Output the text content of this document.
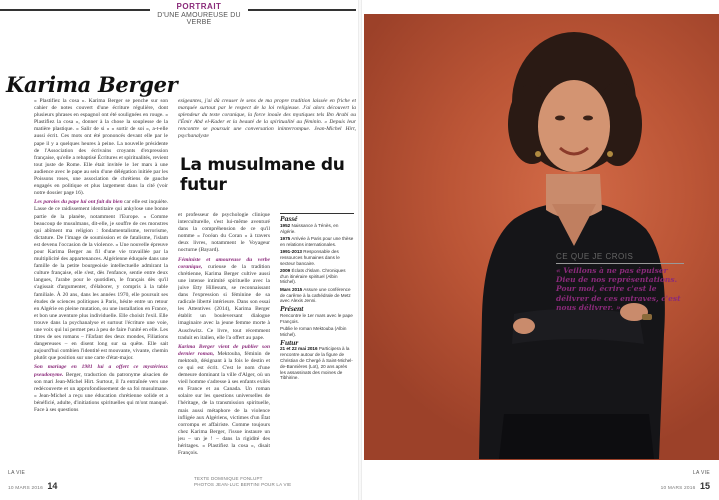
PORTRAIT
D'UNE AMOUREUSE DU VERBE
Karima Berger

« Plastifiez la cosa ». Karima Berger se penche sur son cahier de notes couvert d'une écriture régulière, dont plusieurs phrases en espagnol ont été soulignées en rouge. « Plastifiez la cosa », donner à la chose la souplesse de la matière plastique. « Salir de si » « sortir de soi », a-t-elle aussi écrit. Ces mots ont été prononcés devant elle par le pape il y a quelques heures à peine. La nouvelle présidente de l'Association des écrivains croyants d'expression française, qu'elle a rebaptisé Écritures et spiritualités, revient tout juste de Rome. Elle était invitée le 1er mars à une audience avec le pape au sein d'une délégation initiée par les Poissons roses, une association de chrétiens de gauche engagés en politique et plus largement dans la cité (voir notre dossier page 16).

Les paroles du pape lui ont fait du bien car elle est inquiète. Lasse de ce raidissement identitaire qui ankylose une bonne partie de la planète, notamment l'Europe. « Comme beaucoup de musulmans, dit-elle, je souffre de ces monstres qui abîment ma religion : fondamentalisme, terrorisme, dictature. De l'image de soumission et de fatalisme, l'islam est devenu l'occasion de la violence. » Une nouvelle épreuve pour Karima Berger au fil d'une vie travaillée par la multiplicité des appartenances. Algérienne éduquée dans une famille de la petite bourgeoisie intellectuelle admirant la culture française, elle s'est, dès l'enfance, sentie entre deux langues, l'arabe pour le quotidien, le français dès qu'il s'agissait d'argumenter, d'élaborer, y compris à la table familiale. À 20 ans, dans les années 1970, elle poursuit ses études de sciences politiques à Paris, hésite entre un retour en Algérie en pleine mutation, ou une installation en France, et bon une aventure plus individuelle. Elle choisit l'exil. Elle trouve dans la psychanalyse et surtout l'écriture une voie, une voix qui lui permet peu à peu de faire l'unité en elle. Les titres de ses romans – l'Enfant des deux mondes, Filiations dangereuses – en disent long sur sa quête. Elle sait aujourd'hui combien l'identité est mouvante, vivante, chemin plutôt que position sur une carte d'état-major.

Son mariage en 1981 lui a offert ce mystérieux pseudonyme. Berger, traduction du patronyme alsacien de son mari Jean-Michel Hirt. Surtout, il l'a entraînée vers une redécouverte et un approfondissement de sa foi musulmane. « Jean-Michel a reçu une éducation chrétienne solide et a bénéficié, adulte, d'initiations spirituelles qui m'ont manqué. Face à ses questions

exigeantes, j'ai dû creuser le sens de ma propre tradition laissée en friche et marquée surtout par le respect de la loi religieuse. J'ai alors découvert la splendeur du texte coranique, la force inouïe des mystiques tels Ibn Arabi ou l'Émir Abd el-Kader et la beauté de la spiritualité au féminin. » Depuis leur rencontre se poursuit une conversation ininterrompue. Jean-Michel Hirt, psychanalyste

La musulmane du futur

et professeur de psychologie clinique interculturelle, s'est lui-même aventuré dans la compréhension de ce qu'il nomme « l'océan du Coran » à travers deux livres, notamment le Voyageur nocturne (Bayard).

Féministe et amoureuse du verbe coranique, curieuse de la tradition chrétienne, Karima Berger cultive aussi une intense intimité spirituelle avec la juive Etty Hillesum, se reconnaissant dans l'expression si féminine de sa radicale liberté intérieure. Dans son essai les Attentives (2014), Karima Berger établit un bouleversant dialogue imaginaire avec la jeune femme morte à Auschwitz. Ce livre, tout récemment traduit en italien, elle l'a offert au pape.

Karima Berger vient de publier son dernier roman, Mektouba, féminin de mektoub, désignant à la fois le destin et ce qui est écrit. C'est le nom d'une demeure dominant la ville d'Alger, où un vieil homme s'adresse à ses enfants exilés en France et au Canada. Un roman solaire sur les questions universelles de l'héritage, de la transmission spirituelle, mais aussi métaphore de la violence infligée aux Algériens, victimes d'un État corrompu et affairiste. Comme toujours chez Karima Berger, l'issue instaure un jeu – un je ! – dans la rigidité des héritages. « Plastifiez la cosa », disait François.

TEXTE DOMINIQUE FONLUPT
PHOTOS JEAN-LUC BERTINI POUR LA VIE
Passé
1952 Naissance à Ténès, en Algérie.
1975 Arrivée à Paris pour une thèse en relations internationales.
1991-2013 Responsable des ressources humaines dans le secteur bancaire.
2009 Éclats d'islam. Chroniques d'un itinéraire spirituel (Albin Michel).
Mars 2015 Assure une conférence de carême à la cathédrale de Metz avec Alexis Jenni.
Présent
Rencontre le 1er mars avec le pape François.
Publie le roman Mektouba (Albin Michel).
Futur
21 et 22 mai 2016 Participera à la rencontre autour de la figure de Christian de Chergé à Saint-Michel-de-Bannières (Lot), 20 ans après les assassinats des moines de Tibhirine.
LA VIE
10 MARS 2016 14
CE QUE JE CROIS
« Veillons à ne pas épuiser Dieu de nos représentations. Pour moi, écrire c'est le délivrer de ces entraves, c'est nous délivrer. »
LA VIE
10 MARS 2016 15
